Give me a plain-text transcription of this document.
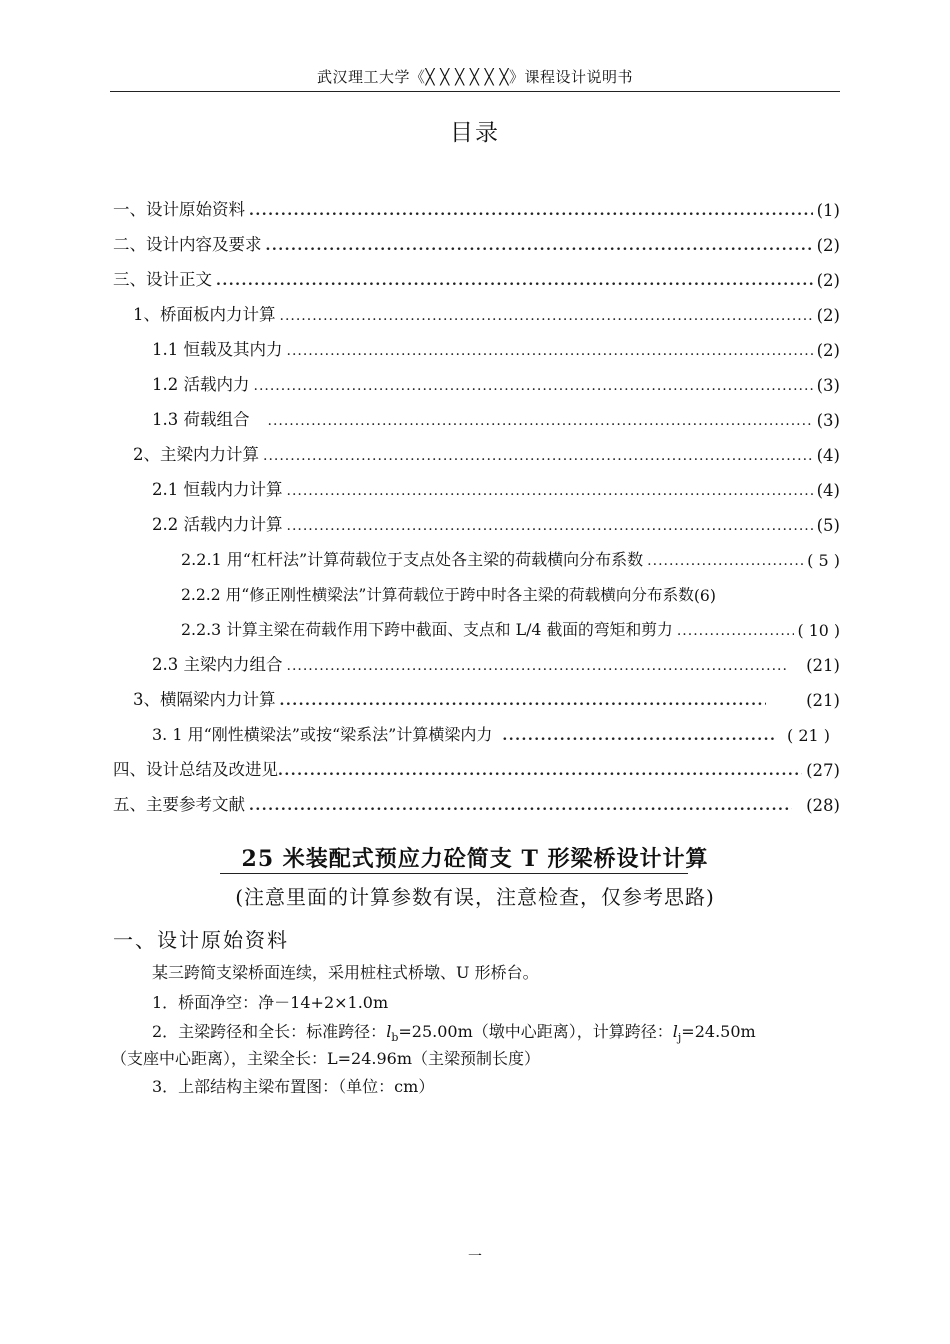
武汉理工大学《╳ ╳ ╳ ╳ ╳ ╳》课程设计说明书
目录
一、设计原始资料 .....	(1)
二、设计内容及要求 .....	(2)
三、设计正文 .....	(2)
1、桥面板内力计算 .....	(2)
1.1 恒载及其内力 .....	(2)
1.2 活载内力 .....	(3)
1.3 荷载组合 .....	(3)
2、主梁内力计算 .....	(4)
2.1 恒载内力计算 .....	(4)
2.2 活载内力计算 .....	(5)
2.2.1 用“杠杆法”计算荷载位于支点处各主梁的荷载横向分布系数 .....	( 5 )
2.2.2 用“修正刚性横梁法”计算荷载位于跨中时各主梁的荷载横向分布系数 (6)
2.2.3 计算主梁在荷载作用下跨中截面、支点和 L/4 截面的弯矩和剪力 .....	( 10 )
2.3 主梁内力组合 .....	(21)
3、横隔梁内力计算 .....	(21)
3. 1 用“刚性横梁法”或按“梁系法”计算横梁内力 .....	( 21 )
四、设计总结及改进见 .....	(27)
五、主要参考文献 .....	(28)
25 米装配式预应力砼简支 T 形梁桥设计计算
(注意里面的计算参数有误，注意检查，仅参考思路)
一、设计原始资料
某三跨简支梁桥面连续，采用桩柱式桥墩、U 形桥台。
1．桥面净空：净－14+2×1.0m
2．主梁跨径和全长：标准跨径：$l_b=25.00m$（墩中心距离），计算跨径：$l_j=24.50m$
（支座中心距离），主梁全长：L=24.96m（主梁预制长度）
3．上部结构主梁布置图：（单位：cm）
一
